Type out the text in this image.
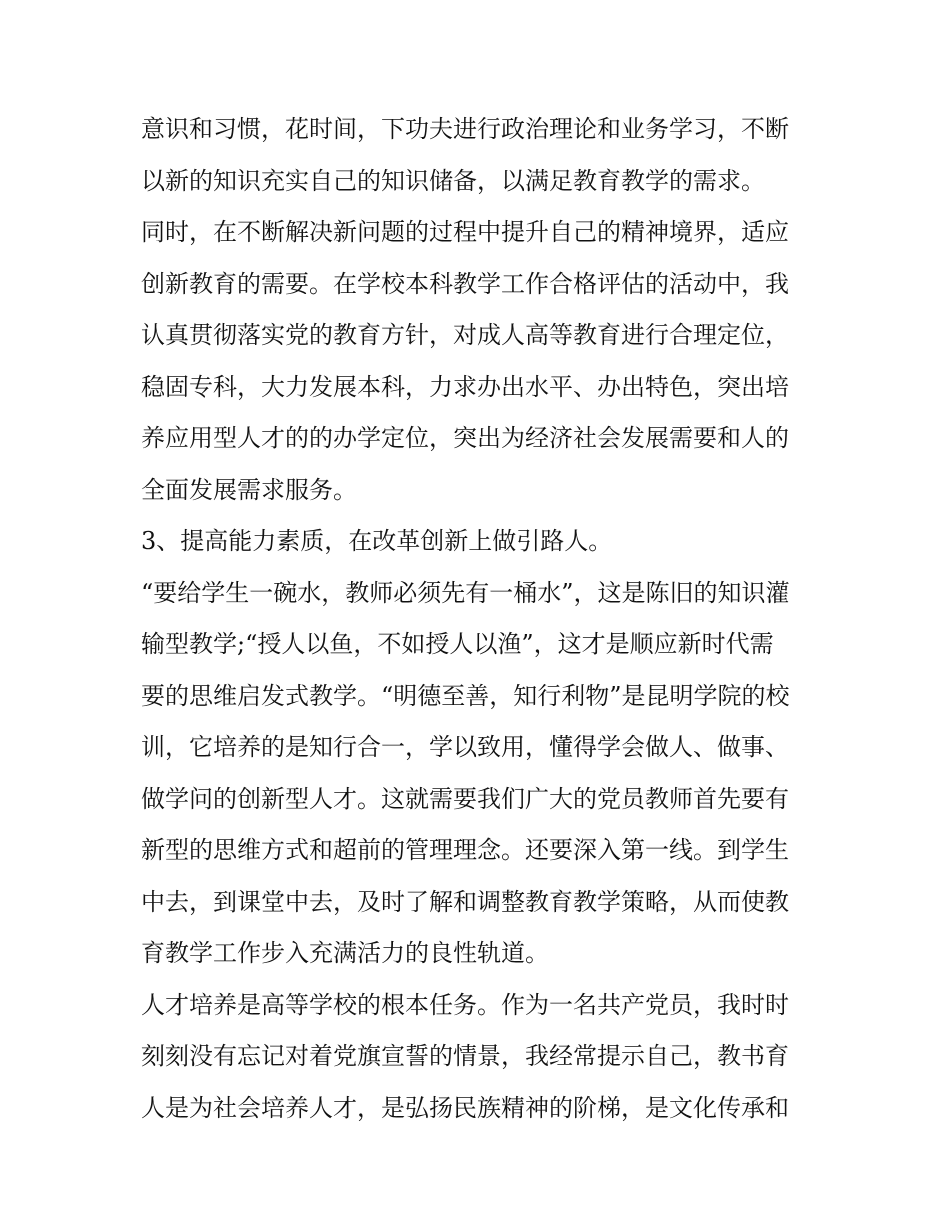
意识和习惯，花时间，下功夫进行政治理论和业务学习，不断
以新的知识充实自己的知识储备，以满足教育教学的需求。
同时，在不断解决新问题的过程中提升自己的精神境界，适应
创新教育的需要。在学校本科教学工作合格评估的活动中，我
认真贯彻落实党的教育方针，对成人高等教育进行合理定位，
稳固专科，大力发展本科，力求办出水平、办出特色，突出培
养应用型人才的的办学定位，突出为经济社会发展需要和人的
全面发展需求服务。
3、提高能力素质，在改革创新上做引路人。
“要给学生一碗水，教师必须先有一桶水”，这是陈旧的知识灌
输型教学;“授人以鱼，不如授人以渔”，这才是顺应新时代需
要的思维启发式教学。“明德至善，知行利物”是昆明学院的校
训，它培养的是知行合一，学以致用，懂得学会做人、做事、
做学问的创新型人才。这就需要我们广大的党员教师首先要有
新型的思维方式和超前的管理理念。还要深入第一线。到学生
中去，到课堂中去，及时了解和调整教育教学策略，从而使教
育教学工作步入充满活力的良性轨道。
人才培养是高等学校的根本任务。作为一名共产党员，我时时
刻刻没有忘记对着党旗宣誓的情景，我经常提示自己，教书育
人是为社会培养人才，是弘扬民族精神的阶梯，是文化传承和
